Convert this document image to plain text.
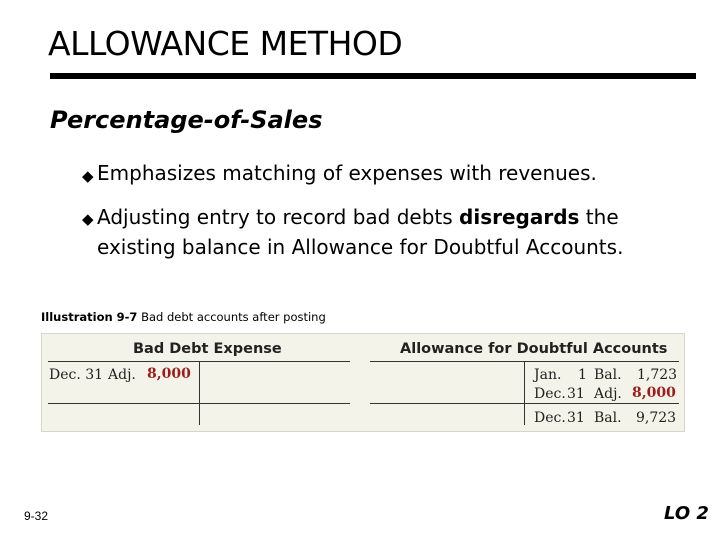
ALLOWANCE METHOD
Percentage-of-Sales
◆ Emphasizes matching of expenses with revenues.
◆ Adjusting entry to record bad debts disregards the existing balance in Allowance for Doubtful Accounts.
Illustration 9-7 Bad debt accounts after posting
Bad Debt Expense
Dec. 31 Adj. 8,000
Allowance for Doubtful Accounts
Jan. 1 Bal. 1,723
Dec. 31 Adj. 8,000
Dec. 31 Bal. 9,723
9-32	LO 2
